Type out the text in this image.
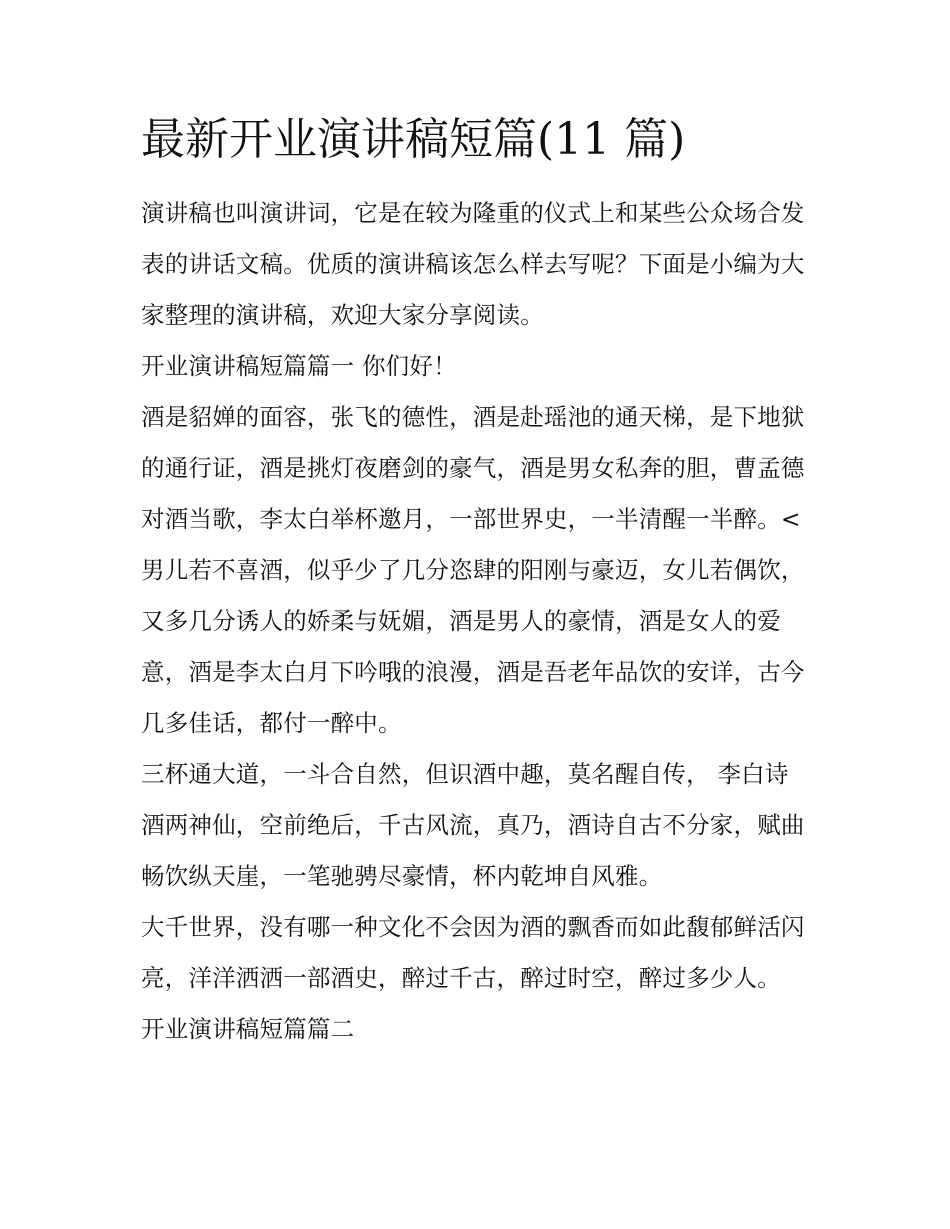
最新开业演讲稿短篇(11 篇)

演讲稿也叫演讲词，它是在较为隆重的仪式上和某些公众场合发表的讲话文稿。优质的演讲稿该怎么样去写呢？下面是小编为大家整理的演讲稿，欢迎大家分享阅读。

开业演讲稿短篇篇一 你们好！

酒是貂婵的面容，张飞的德性，酒是赴瑶池的通天梯，是下地狱的通行证，酒是挑灯夜磨剑的豪气，酒是男女私奔的胆，曹孟德对酒当歌，李太白举杯邀月，一部世界史，一半清醒一半醉。<

男儿若不喜酒，似乎少了几分恣肆的阳刚与豪迈，女儿若偶饮，又多几分诱人的娇柔与妩媚，酒是男人的豪情，酒是女人的爱意，酒是李太白月下吟哦的浪漫，酒是吾老年品饮的安详，古今几多佳话，都付一醉中。

三杯通大道，一斗合自然，但识酒中趣，莫名醒自传， 李白诗酒两神仙，空前绝后，千古风流，真乃，酒诗自古不分家，赋曲畅饮纵天崖，一笔驰骋尽豪情，杯内乾坤自风雅。

大千世界，没有哪一种文化不会因为酒的飘香而如此馥郁鲜活闪亮，洋洋洒洒一部酒史，醉过千古，醉过时空，醉过多少人。 开业演讲稿短篇篇二
